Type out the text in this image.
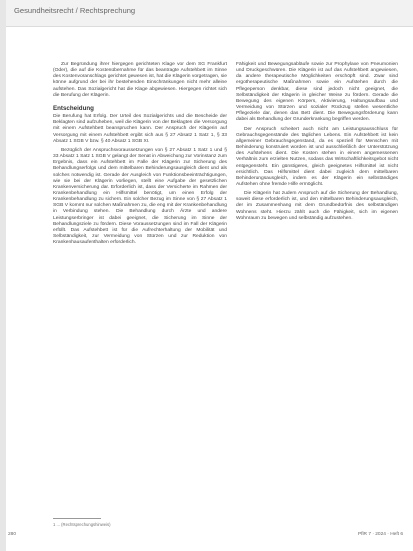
Gesundheitsrecht / Rechtsprechung

Zur Begründung ihrer hiergegen gerichteten Klage vor dem SG Frankfurt (Oder), die auf die Kostenübernahme für das beantragte Aufstehbett im Sinne des Kostenvoranschlags gerichtet gewesen ist, hat die Klägerin vorgetragen, sie könne aufgrund der bei ihr bestehenden Einschränkungen nicht mehr alleine aufstehen. Das Sozialgericht hat die Klage abgewiesen. Hiergegen richtet sich die Berufung der Klägerin.

Entscheidung

Die Berufung hat Erfolg. Der Urteil des Sozialgerichts und die Bescheide der Beklagten sind aufzuheben, weil die Klägerin von der Beklagten die Versorgung mit einem Aufstehbett beanspruchen kann. Der Anspruch der Klägerin auf Versorgung mit einem Aufstehbett ergibt sich aus § 27 Absatz 1 Satz 1, § 33 Absatz 1 SGB V bzw. § 40 Absatz 1 SGB XI.

Bezüglich der Anspruchsvoraussetzungen von § 27 Absatz 1 Satz 1 und § 33 Absatz 1 Satz 1 SGB V gelangt der Senat in Abweichung zur Vorinstanz zum Ergebnis, dass ein Aufstehbett im Falle der Klägerin zur Sicherung des Behandlungserfolgs und dem mittelbaren Behinderungsausgleich dient und als solches notwendig ist. Gerade der Ausgleich von Funktionsbeeinträchtigungen, wie sie bei der Klägerin vorliegen, stellt eine Aufgabe der gesetzlichen Krankenversicherung dar. Erforderlich ist, dass der Versicherte im Rahmen der Krankenbehandlung ein Hilfsmittel benötigt, um einen Erfolg der Krankenbehandlung zu sichern. Ein solcher Bezug im Sinne von § 27 Absatz 1 SGB V kommt nur solchen Maßnahmen zu, die eng mit der Krankenbehandlung in Verbindung stehen. Die Behandlung durch Ärzte und andere Leistungserbringer ist dabei geeignet, die Sicherung im Sinne der Behandlungsziele zu fördern. Diese Voraussetzungen sind im Fall der Klägerin erfüllt. Das Aufstehbett ist für die Aufrechterhaltung der Mobilität und Selbständigkeit, zur Vermeidung von Stürzen und zur Reduktion von Krankenhausaufenthalten erforderlich.

Fähigkeit und Bewegungsabläufe sowie zur Prophylaxe von Pneumonien und Druckgeschwüren. Die Klägerin ist auf das Aufstehbett angewiesen, da andere therapeutische Möglichkeiten erschöpft sind. Zwar sind ergotherapeutische Maßnahmen sowie ein Aufstehen durch die Pflegeperson denkbar, diese sind jedoch nicht geeignet, die Selbständigkeit der Klägerin in gleicher Weise zu fördern. Gerade die Bewegung des eigenen Körpers, Aktivierung, Haltungsaufbau und Vermeidung von Stürzen und sozialer Rückzug stellen wesentliche Pflegeziele dar, denen das Bett dient. Die Bewegungsförderung kann dabei als Behandlung der Grunderkrankung begriffen werden.

Der Anspruch scheitert auch nicht am Leistungsausschluss für Gebrauchsgegenstände des täglichen Lebens. Ein Aufstehbett ist kein allgemeiner Gebrauchsgegenstand, da es speziell für Menschen mit Behinderung konstruiert worden ist und ausschließlich der Unterstützung des Aufstehens dient. Die Kosten stehen in einem angemessenen Verhältnis zum erzielten Nutzen, sodass das Wirtschaftlichkeitsgebot nicht entgegensteht. Ein günstigeres, gleich geeignetes Hilfsmittel ist nicht ersichtlich. Das Hilfsmittel dient dabei zugleich dem mittelbaren Behinderungsausgleich, indem es der Klägerin ein selbständiges Aufstehen ohne fremde Hilfe ermöglicht.

Die Klägerin hat zudem Anspruch auf die Sicherung der Behandlung, soweit diese erforderlich ist, und den mittelbaren Behinderungsausgleich, der im Zusammenhang mit dem Grundbedürfnis des selbständigen Wohnens steht. Hierzu zählt auch die Fähigkeit, sich im eigenen Wohnraum zu bewegen und selbständig aufzustehen.

1 ... (Rechtsprechungshinweis)
280	PflR 7 · 2024 · Heft 6
